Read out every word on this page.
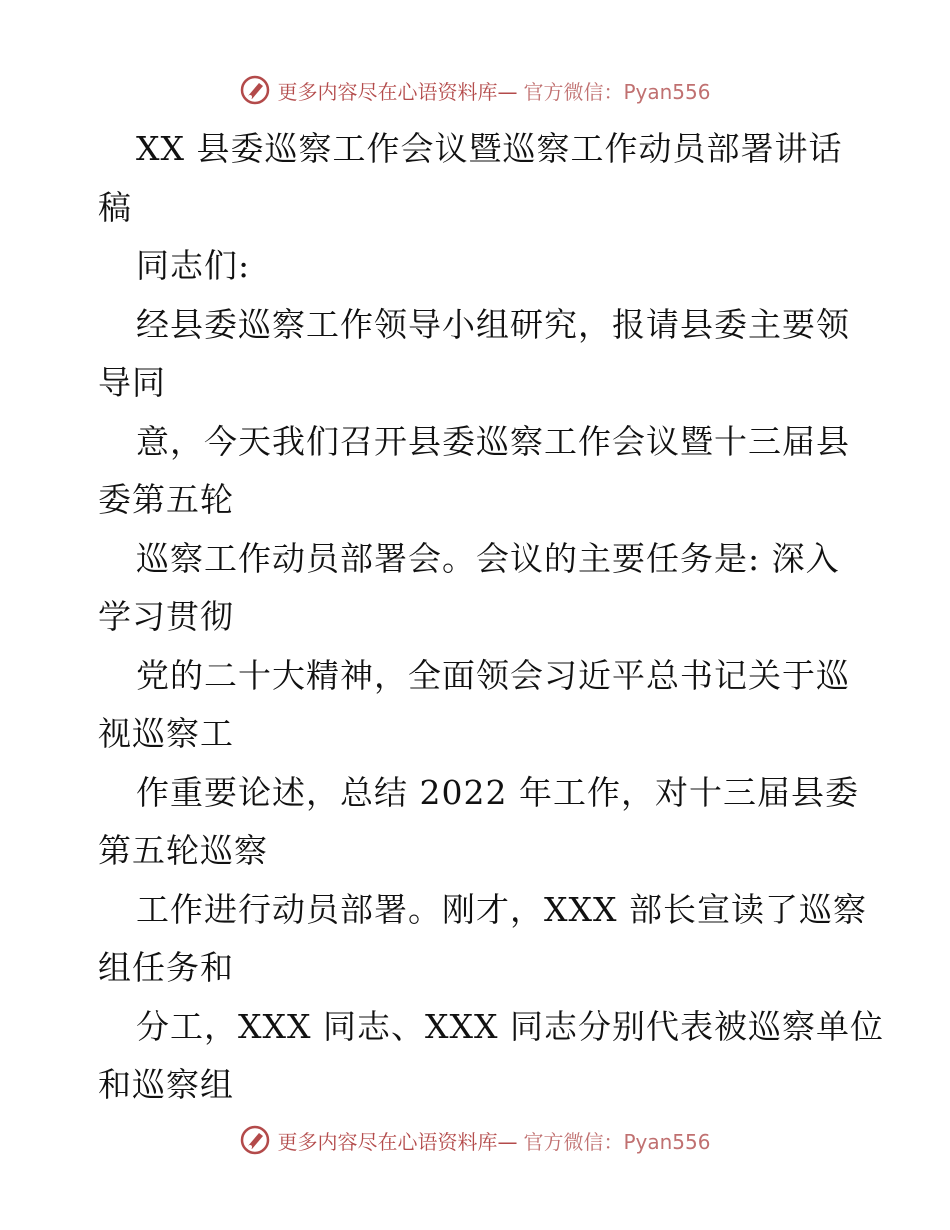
更多内容尽在心语资料库— 官方微信：Pyan556
XX 县委巡察工作会议暨巡察工作动员部署讲话
稿
同志们:
经县委巡察工作领导小组研究，报请县委主要领
导同
意，今天我们召开县委巡察工作会议暨十三届县
委第五轮
巡察工作动员部署会。会议的主要任务是: 深入
学习贯彻
党的二十大精神，全面领会习近平总书记关于巡
视巡察工
作重要论述，总结 2022 年工作，对十三届县委
第五轮巡察
工作进行动员部署。刚才，XXX 部长宣读了巡察
组任务和
分工，XXX 同志、XXX 同志分别代表被巡察单位
和巡察组
更多内容尽在心语资料库— 官方微信：Pyan556
